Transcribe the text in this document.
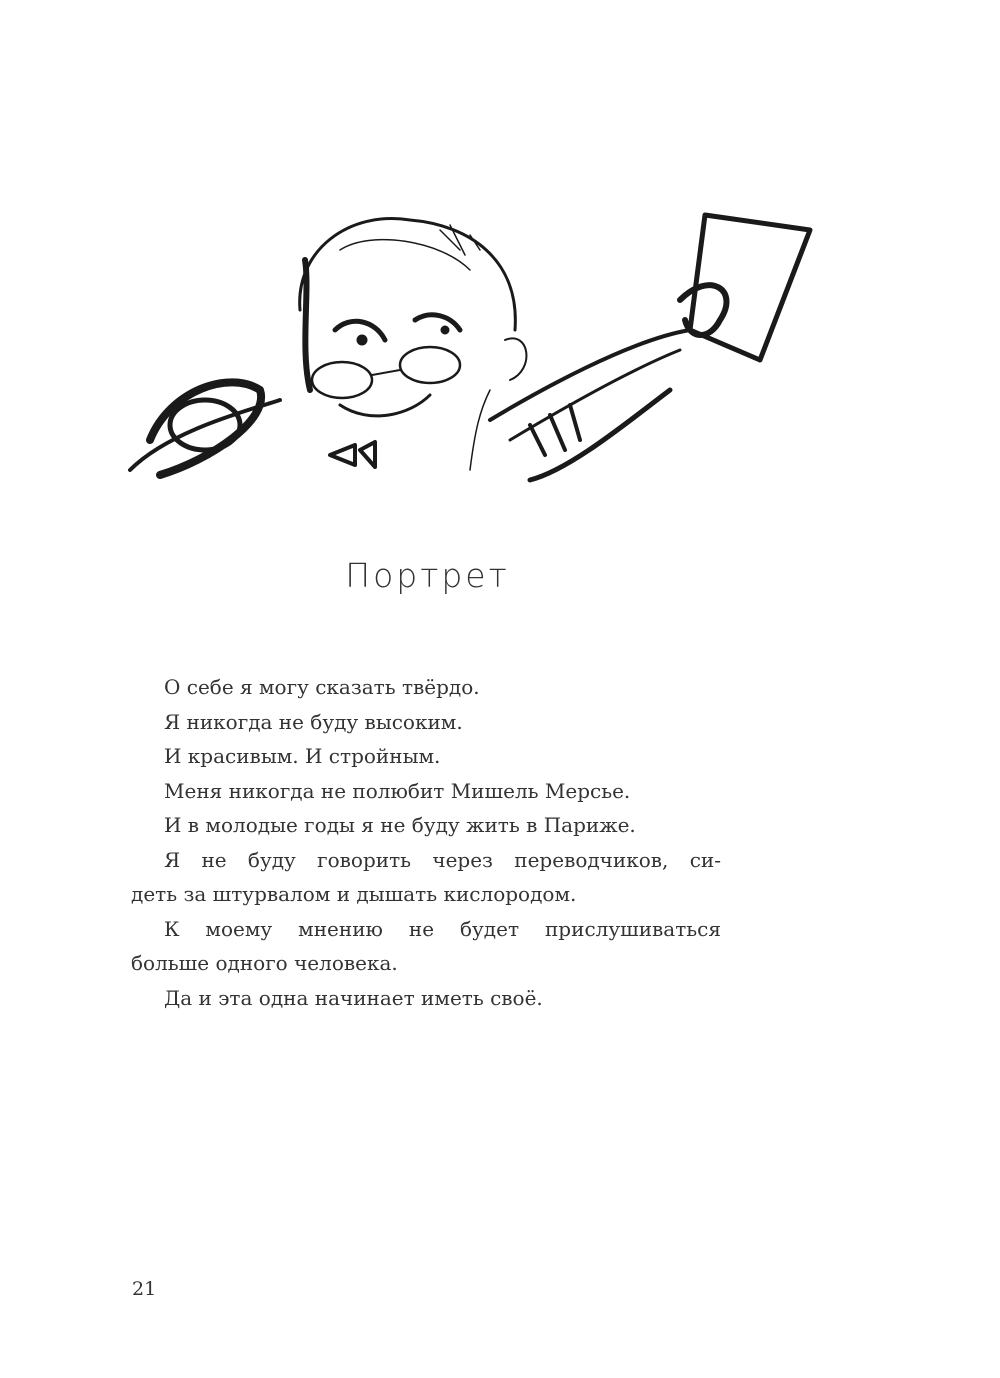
Портрет
О себе я могу сказать твёрдо.
Я никогда не буду высоким.
И красивым. И стройным.
Меня никогда не полюбит Мишель Мерсье.
И в молодые годы я не буду жить в Париже.
Я не буду говорить через переводчиков, си-
деть за штурвалом и дышать кислородом.
К моему мнению не будет прислушиваться
больше одного человека.
Да и эта одна начинает иметь своё.
21
